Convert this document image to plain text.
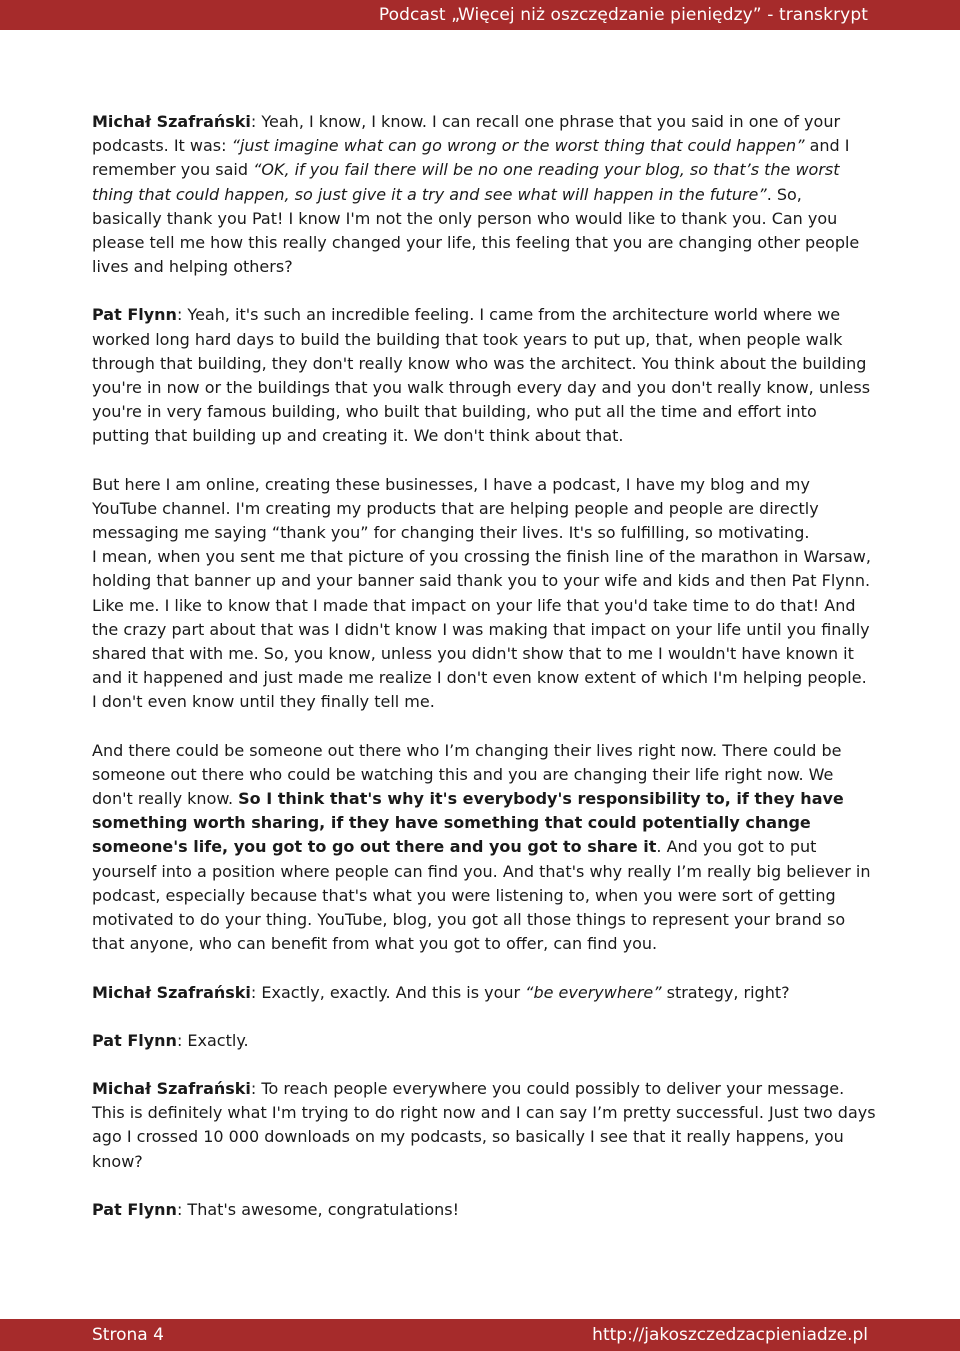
Podcast „Więcej niż oszczędzanie pieniędzy” - transkrypt

Michał Szafrański: Yeah, I know, I know. I can recall one phrase that you said in one of your podcasts. It was: “just imagine what can go wrong or the worst thing that could happen” and I remember you said “OK, if you fail there will be no one reading your blog, so that’s the worst thing that could happen, so just give it a try and see what will happen in the future”. So, basically thank you Pat! I know I'm not the only person who would like to thank you. Can you please tell me how this really changed your life, this feeling that you are changing other people lives and helping others?

Pat Flynn: Yeah, it's such an incredible feeling. I came from the architecture world where we worked long hard days to build the building that took years to put up, that, when people walk through that building, they don't really know who was the architect. You think about the building you're in now or the buildings that you walk through every day and you don't really know, unless you're in very famous building, who built that building, who put all the time and effort into putting that building up and creating it. We don't think about that.

But here I am online, creating these businesses, I have a podcast, I have my blog and my YouTube channel. I'm creating my products that are helping people and people are directly messaging me saying “thank you” for changing their lives. It's so fulfilling, so motivating.
I mean, when you sent me that picture of you crossing the finish line of the marathon in Warsaw, holding that banner up and your banner said thank you to your wife and kids and then Pat Flynn. Like me. I like to know that I made that impact on your life that you'd take time to do that! And the crazy part about that was I didn't know I was making that impact on your life until you finally shared that with me. So, you know, unless you didn't show that to me I wouldn't have known it and it happened and just made me realize I don't even know extent of which I'm helping people. I don't even know until they finally tell me.

And there could be someone out there who I’m changing their lives right now. There could be someone out there who could be watching this and you are changing their life right now. We don't really know. So I think that's why it's everybody's responsibility to, if they have something worth sharing, if they have something that could potentially change someone's life, you got to go out there and you got to share it. And you got to put yourself into a position where people can find you. And that's why really I’m really big believer in podcast, especially because that's what you were listening to, when you were sort of getting motivated to do your thing. YouTube, blog, you got all those things to represent your brand so that anyone, who can benefit from what you got to offer, can find you.

Michał Szafrański: Exactly, exactly. And this is your “be everywhere” strategy, right?

Pat Flynn: Exactly.

Michał Szafrański: To reach people everywhere you could possibly to deliver your message. This is definitely what I'm trying to do right now and I can say I’m pretty successful. Just two days ago I crossed 10 000 downloads on my podcasts, so basically I see that it really happens, you know?

Pat Flynn: That's awesome, congratulations!

Strona 4	http://jakoszczedzacpieniadze.pl
